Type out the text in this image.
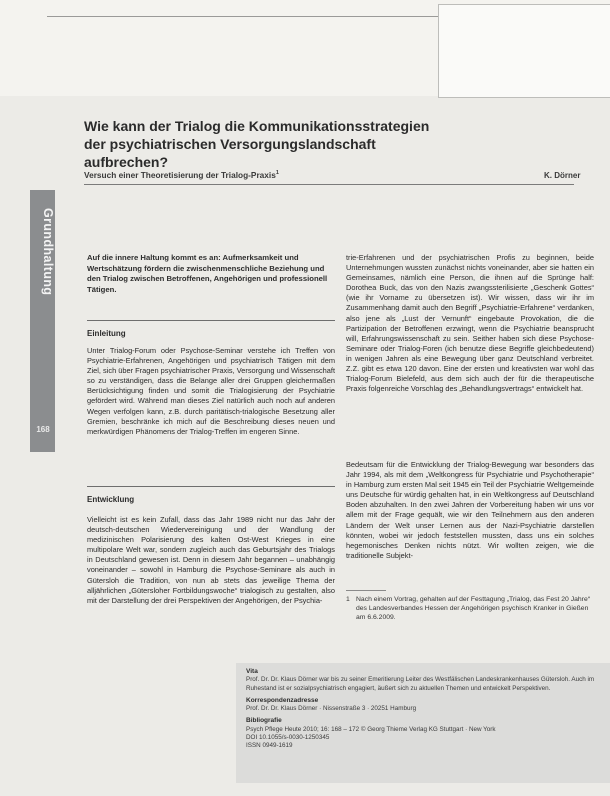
Grundhaltung
168
Wie kann der Trialog die Kommunikationsstrategien der psychiatrischen Versorgungslandschaft aufbrechen?
Versuch einer Theoretisierung der Trialog-Praxis$^1$	K. Dörner

Auf die innere Haltung kommt es an: Aufmerksamkeit und Wertschätzung fördern die zwischenmenschliche Beziehung und den Trialog zwischen Betroffenen, Angehörigen und professionell Tätigen.

Einleitung

Unter Trialog-Forum oder Psychose-Seminar verstehe ich Treffen von Psychiatrie-Erfahrenen, Angehörigen und psychiatrisch Tätigen mit dem Ziel, sich über Fragen psychiatrischer Praxis, Versorgung und Wissenschaft so zu verständigen, dass die Belange aller drei Gruppen gleichermaßen Berücksichtigung finden und somit die Trialogisierung der Psychiatrie gefördert wird. Während man dieses Ziel natürlich auch noch auf anderen Wegen verfolgen kann, z.B. durch paritätisch-trialogische Besetzung aller Gremien, beschränke ich mich auf die Beschreibung dieses neuen und merkwürdigen Phänomens der Trialog-Treffen im engeren Sinne.

Entwicklung

Vielleicht ist es kein Zufall, dass das Jahr 1989 nicht nur das Jahr der deutsch-deutschen Wiedervereinigung und der Wandlung der medizinischen Polarisierung des kalten Ost-West Krieges in eine multipolare Welt war, sondern zugleich auch das Geburtsjahr des Trialogs in Deutschland gewesen ist. Denn in diesem Jahr begannen – unabhängig voneinander – sowohl in Hamburg die Psychose-Seminare als auch in Gütersloh die Tradition, von nun ab stets das jeweilige Thema der alljährlichen „Gütersloher Fortbildungswoche“ trialogisch zu gestalten, also mit der Darstellung der drei Perspektiven der Angehörigen, der Psychia-

trie-Erfahrenen und der psychiatrischen Profis zu beginnen, beide Unternehmungen wussten zunächst nichts voneinander, aber sie hatten ein Gemeinsames, nämlich eine Person, die ihnen auf die Sprünge half: Dorothea Buck, das von den Nazis zwangssterilisierte „Geschenk Gottes“ (wie ihr Vorname zu übersetzen ist). Wir wissen, dass wir ihr im Zusammenhang damit auch den Begriff „Psychiatrie-Erfahrene“ verdanken, also jene als „Lust der Vernunft“ eingebaute Provokation, die die Partizipation der Betroffenen erzwingt, wenn die Psychiatrie beansprucht will, Erfahrungswissenschaft zu sein. Seither haben sich diese Psychose-Seminare oder Trialog-Foren (ich benutze diese Begriffe gleichbedeutend) in wenigen Jahren als eine Bewegung über ganz Deutschland verbreitet. Z.Z. gibt es etwa 120 davon. Eine der ersten und kreativsten war wohl das Trialog-Forum Bielefeld, aus dem sich auch der für die therapeutische Praxis folgenreiche Vorschlag des „Behandlungsvertrags“ entwickelt hat.

Bedeutsam für die Entwicklung der Trialog-Bewegung war besonders das Jahr 1994, als mit dem „Weltkongress für Psychiatrie und Psychotherapie“ in Hamburg zum ersten Mal seit 1945 ein Teil der Psychiatrie Weltgemeinde uns Deutsche für würdig gehalten hat, in ein Weltkongress auf Deutschland Boden abzuhalten. In den zwei Jahren der Vorbereitung haben wir uns vor allem mit der Frage gequält, wie wir den Teilnehmern aus den anderen Ländern der Welt unser Lernen aus der Nazi-Psychiatrie darstellen könnten, wobei wir jedoch feststellen mussten, dass uns ein solches hegemonisches Denken nichts nützt. Wir wollten zeigen, wie die traditionelle Subjekt-

1 Nach einem Vortrag, gehalten auf der Festtagung „Trialog, das Fest 20 Jahre“ des Landesverbandes Hessen der Angehörigen psychisch Kranker in Gießen am 6.6.2009.

Vita
Prof. Dr. Dr. Klaus Dörner war bis zu seiner Emeritierung Leiter des Westfälischen Landeskrankenhauses Gütersloh. Auch im
Ruhestand ist er sozialpsychiatrisch engagiert, äußert sich zu aktuellen Themen und entwickelt Perspektiven.
Korrespondenzadresse
Prof. Dr. Dr. Klaus Dörner · Nissenstraße 3 · 20251 Hamburg
Bibliografie
Psych Pflege Heute 2010; 16: 168 – 172 © Georg Thieme Verlag KG Stuttgart · New York
DOI 10.1055/s-0030-1250345
ISSN 0949-1619
